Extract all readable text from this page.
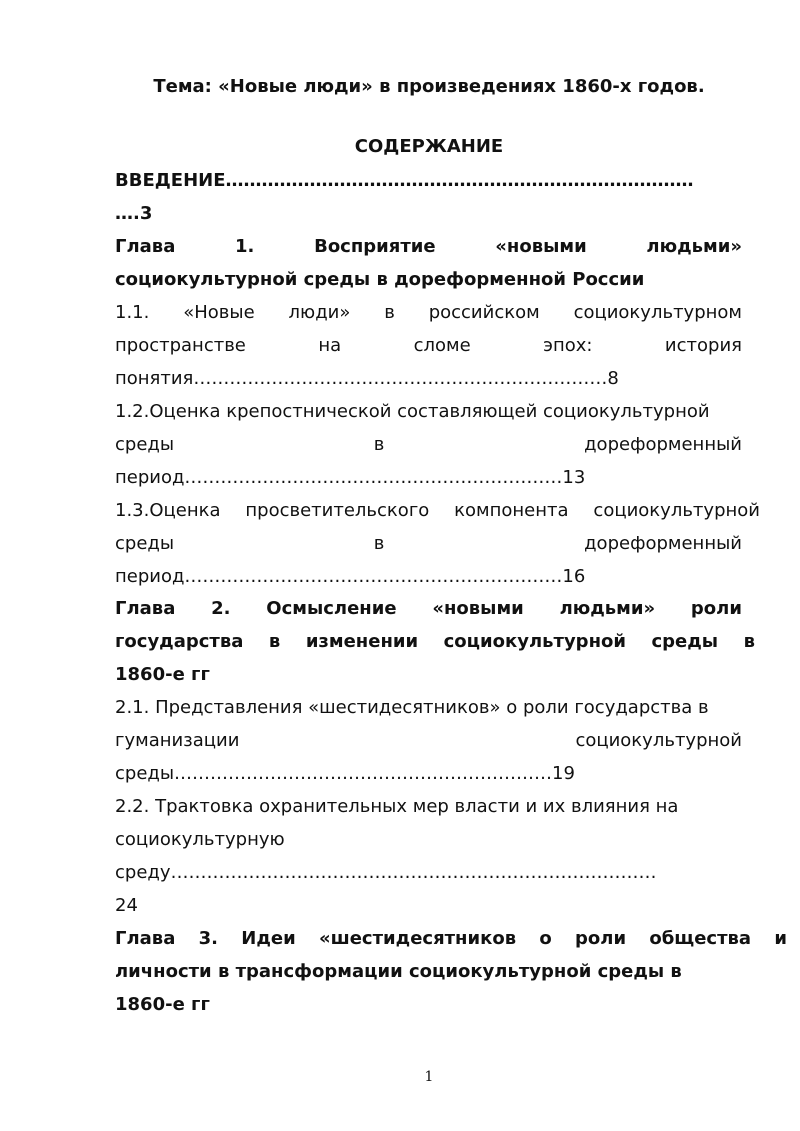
Тема: «Новые люди» в произведениях 1860-х годов.
СОДЕРЖАНИЕ
ВВЕДЕНИЕ……………………………………………………………………
….3
Глава	1.	Восприятие	«новыми	людьми»
социокультурной среды в дореформенной России
1.1. «Новые люди» в российском социокультурном
пространстве	на	сломе	эпох:	история
понятия……………………………………………………………8
1.2.Оценка крепостнической составляющей социокультурной
среды	в	дореформенный
период………………………………………………………13
1.3.Оценка просветительского компонента социокультурной
среды	в	дореформенный
период………………………………………………………16
Глава 2. Осмысление «новыми людьми» роли
государства в изменении социокультурной среды в
1860-е гг
2.1. Представления «шестидесятников» о роли государства в
гуманизации	социокультурной
среды………………………………………………………19
2.2. Трактовка охранительных мер власти и их влияния на
социокультурную
среду………………………………………………………………………
24
Глава 3. Идеи «шестидесятников о роли общества и
личности в трансформации социокультурной среды в
1860-е гг
1
